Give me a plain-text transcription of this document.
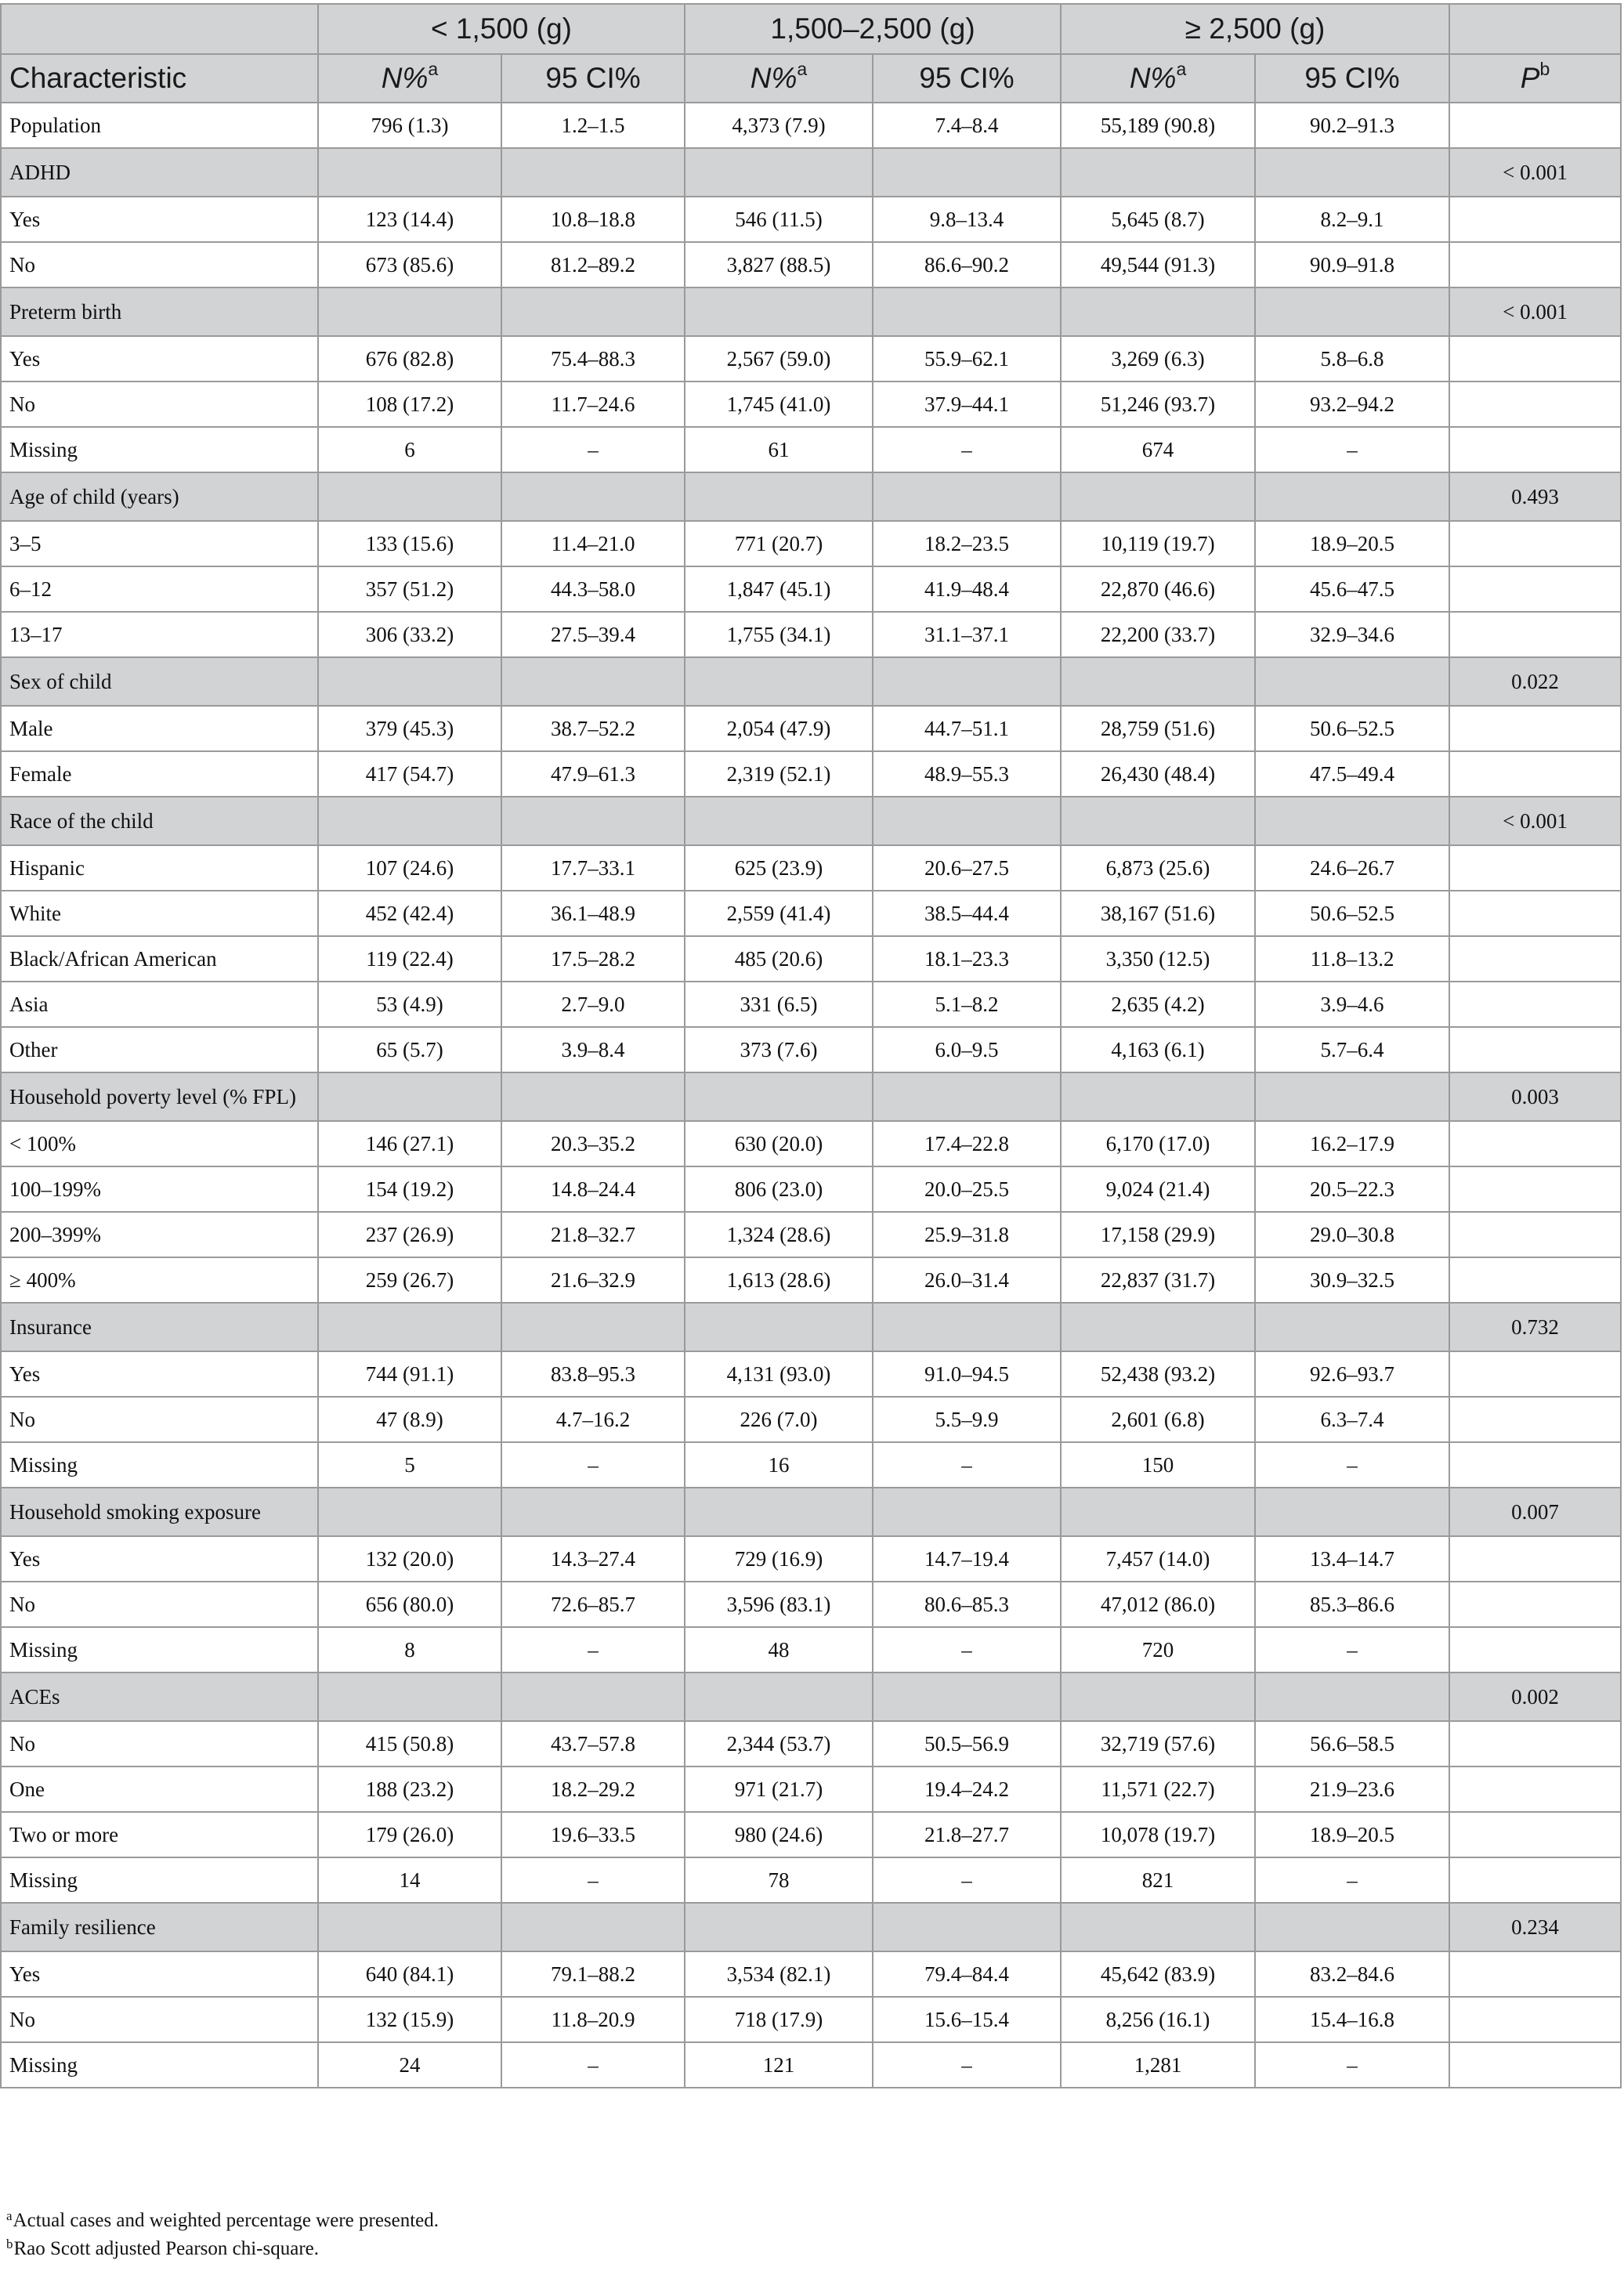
	< 1,500 (g)		1,500–2,500 (g)		≥ 2,500 (g)		
Characteristic	N%$^a$	95 CI%	N%$^a$	95 CI%	N%$^a$	95 CI%	$P^b$
Population	796 (1.3)	1.2–1.5	4,373 (7.9)	7.4–8.4	55,189 (90.8)	90.2–91.3	
ADHD							< 0.001
Yes	123 (14.4)	10.8–18.8	546 (11.5)	9.8–13.4	5,645 (8.7)	8.2–9.1	
No	673 (85.6)	81.2–89.2	3,827 (88.5)	86.6–90.2	49,544 (91.3)	90.9–91.8	
Preterm birth							< 0.001
Yes	676 (82.8)	75.4–88.3	2,567 (59.0)	55.9–62.1	3,269 (6.3)	5.8–6.8	
No	108 (17.2)	11.7–24.6	1,745 (41.0)	37.9–44.1	51,246 (93.7)	93.2–94.2	
Missing	6	–	61	–	674	–	
Age of child (years)							0.493
3–5	133 (15.6)	11.4–21.0	771 (20.7)	18.2–23.5	10,119 (19.7)	18.9–20.5	
6–12	357 (51.2)	44.3–58.0	1,847 (45.1)	41.9–48.4	22,870 (46.6)	45.6–47.5	
13–17	306 (33.2)	27.5–39.4	1,755 (34.1)	31.1–37.1	22,200 (33.7)	32.9–34.6	
Sex of child							0.022
Male	379 (45.3)	38.7–52.2	2,054 (47.9)	44.7–51.1	28,759 (51.6)	50.6–52.5	
Female	417 (54.7)	47.9–61.3	2,319 (52.1)	48.9–55.3	26,430 (48.4)	47.5–49.4	
Race of the child							< 0.001
Hispanic	107 (24.6)	17.7–33.1	625 (23.9)	20.6–27.5	6,873 (25.6)	24.6–26.7	
White	452 (42.4)	36.1–48.9	2,559 (41.4)	38.5–44.4	38,167 (51.6)	50.6–52.5	
Black/African American	119 (22.4)	17.5–28.2	485 (20.6)	18.1–23.3	3,350 (12.5)	11.8–13.2	
Asia	53 (4.9)	2.7–9.0	331 (6.5)	5.1–8.2	2,635 (4.2)	3.9–4.6	
Other	65 (5.7)	3.9–8.4	373 (7.6)	6.0–9.5	4,163 (6.1)	5.7–6.4	
Household poverty level (% FPL)							0.003
< 100%	146 (27.1)	20.3–35.2	630 (20.0)	17.4–22.8	6,170 (17.0)	16.2–17.9	
100–199%	154 (19.2)	14.8–24.4	806 (23.0)	20.0–25.5	9,024 (21.4)	20.5–22.3	
200–399%	237 (26.9)	21.8–32.7	1,324 (28.6)	25.9–31.8	17,158 (29.9)	29.0–30.8	
≥ 400%	259 (26.7)	21.6–32.9	1,613 (28.6)	26.0–31.4	22,837 (31.7)	30.9–32.5	
Insurance							0.732
Yes	744 (91.1)	83.8–95.3	4,131 (93.0)	91.0–94.5	52,438 (93.2)	92.6–93.7	
No	47 (8.9)	4.7–16.2	226 (7.0)	5.5–9.9	2,601 (6.8)	6.3–7.4	
Missing	5	–	16	–	150	–	
Household smoking exposure							0.007
Yes	132 (20.0)	14.3–27.4	729 (16.9)	14.7–19.4	7,457 (14.0)	13.4–14.7	
No	656 (80.0)	72.6–85.7	3,596 (83.1)	80.6–85.3	47,012 (86.0)	85.3–86.6	
Missing	8	–	48	–	720	–	
ACEs							0.002
No	415 (50.8)	43.7–57.8	2,344 (53.7)	50.5–56.9	32,719 (57.6)	56.6–58.5	
One	188 (23.2)	18.2–29.2	971 (21.7)	19.4–24.2	11,571 (22.7)	21.9–23.6	
Two or more	179 (26.0)	19.6–33.5	980 (24.6)	21.8–27.7	10,078 (19.7)	18.9–20.5	
Missing	14	–	78	–	821	–	
Family resilience							0.234
Yes	640 (84.1)	79.1–88.2	3,534 (82.1)	79.4–84.4	45,642 (83.9)	83.2–84.6	
No	132 (15.9)	11.8–20.9	718 (17.9)	15.6–15.4	8,256 (16.1)	15.4–16.8	
Missing	24	–	121	–	1,281	–	
$^a$Actual cases and weighted percentage were presented.
$^b$Rao Scott adjusted Pearson chi-square.
